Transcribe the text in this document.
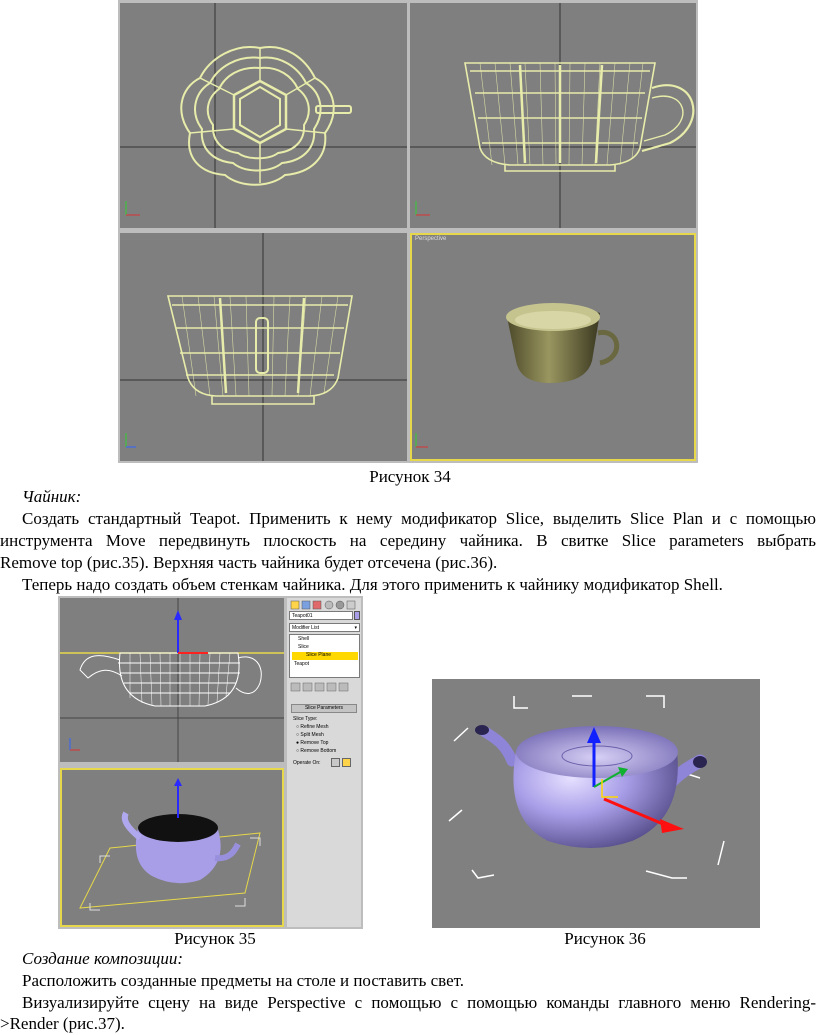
Perspective
Рисунок 34
Чайник:
Создать стандартный Teapot. Применить к нему модификатор Slice, выделить Slice Plan и с помощью
инструмента Move передвинуть плоскость на середину чайника. В свитке Slice parameters выбрать
Remove top (рис.35). Верхняя часть чайника будет отсечена (рис.36).
Теперь надо создать объем стенкам чайника. Для этого применить к чайнику модификатор Shell.
Teapot01
Modifier List	▾
Shell
Slice
Slice Plane
Teapot
Slice Parameters
Slice Type:
○ Refine Mesh
○ Split Mesh
● Remove Top
○ Remove Bottom
Operate On:
Рисунок 35	Рисунок 36
Создание композиции:
Расположить созданные предметы на столе и поставить свет.
Визуализируйте сцену на виде Perspective с помощью с помощью команды главного меню Rendering-
>Render (рис.37).
